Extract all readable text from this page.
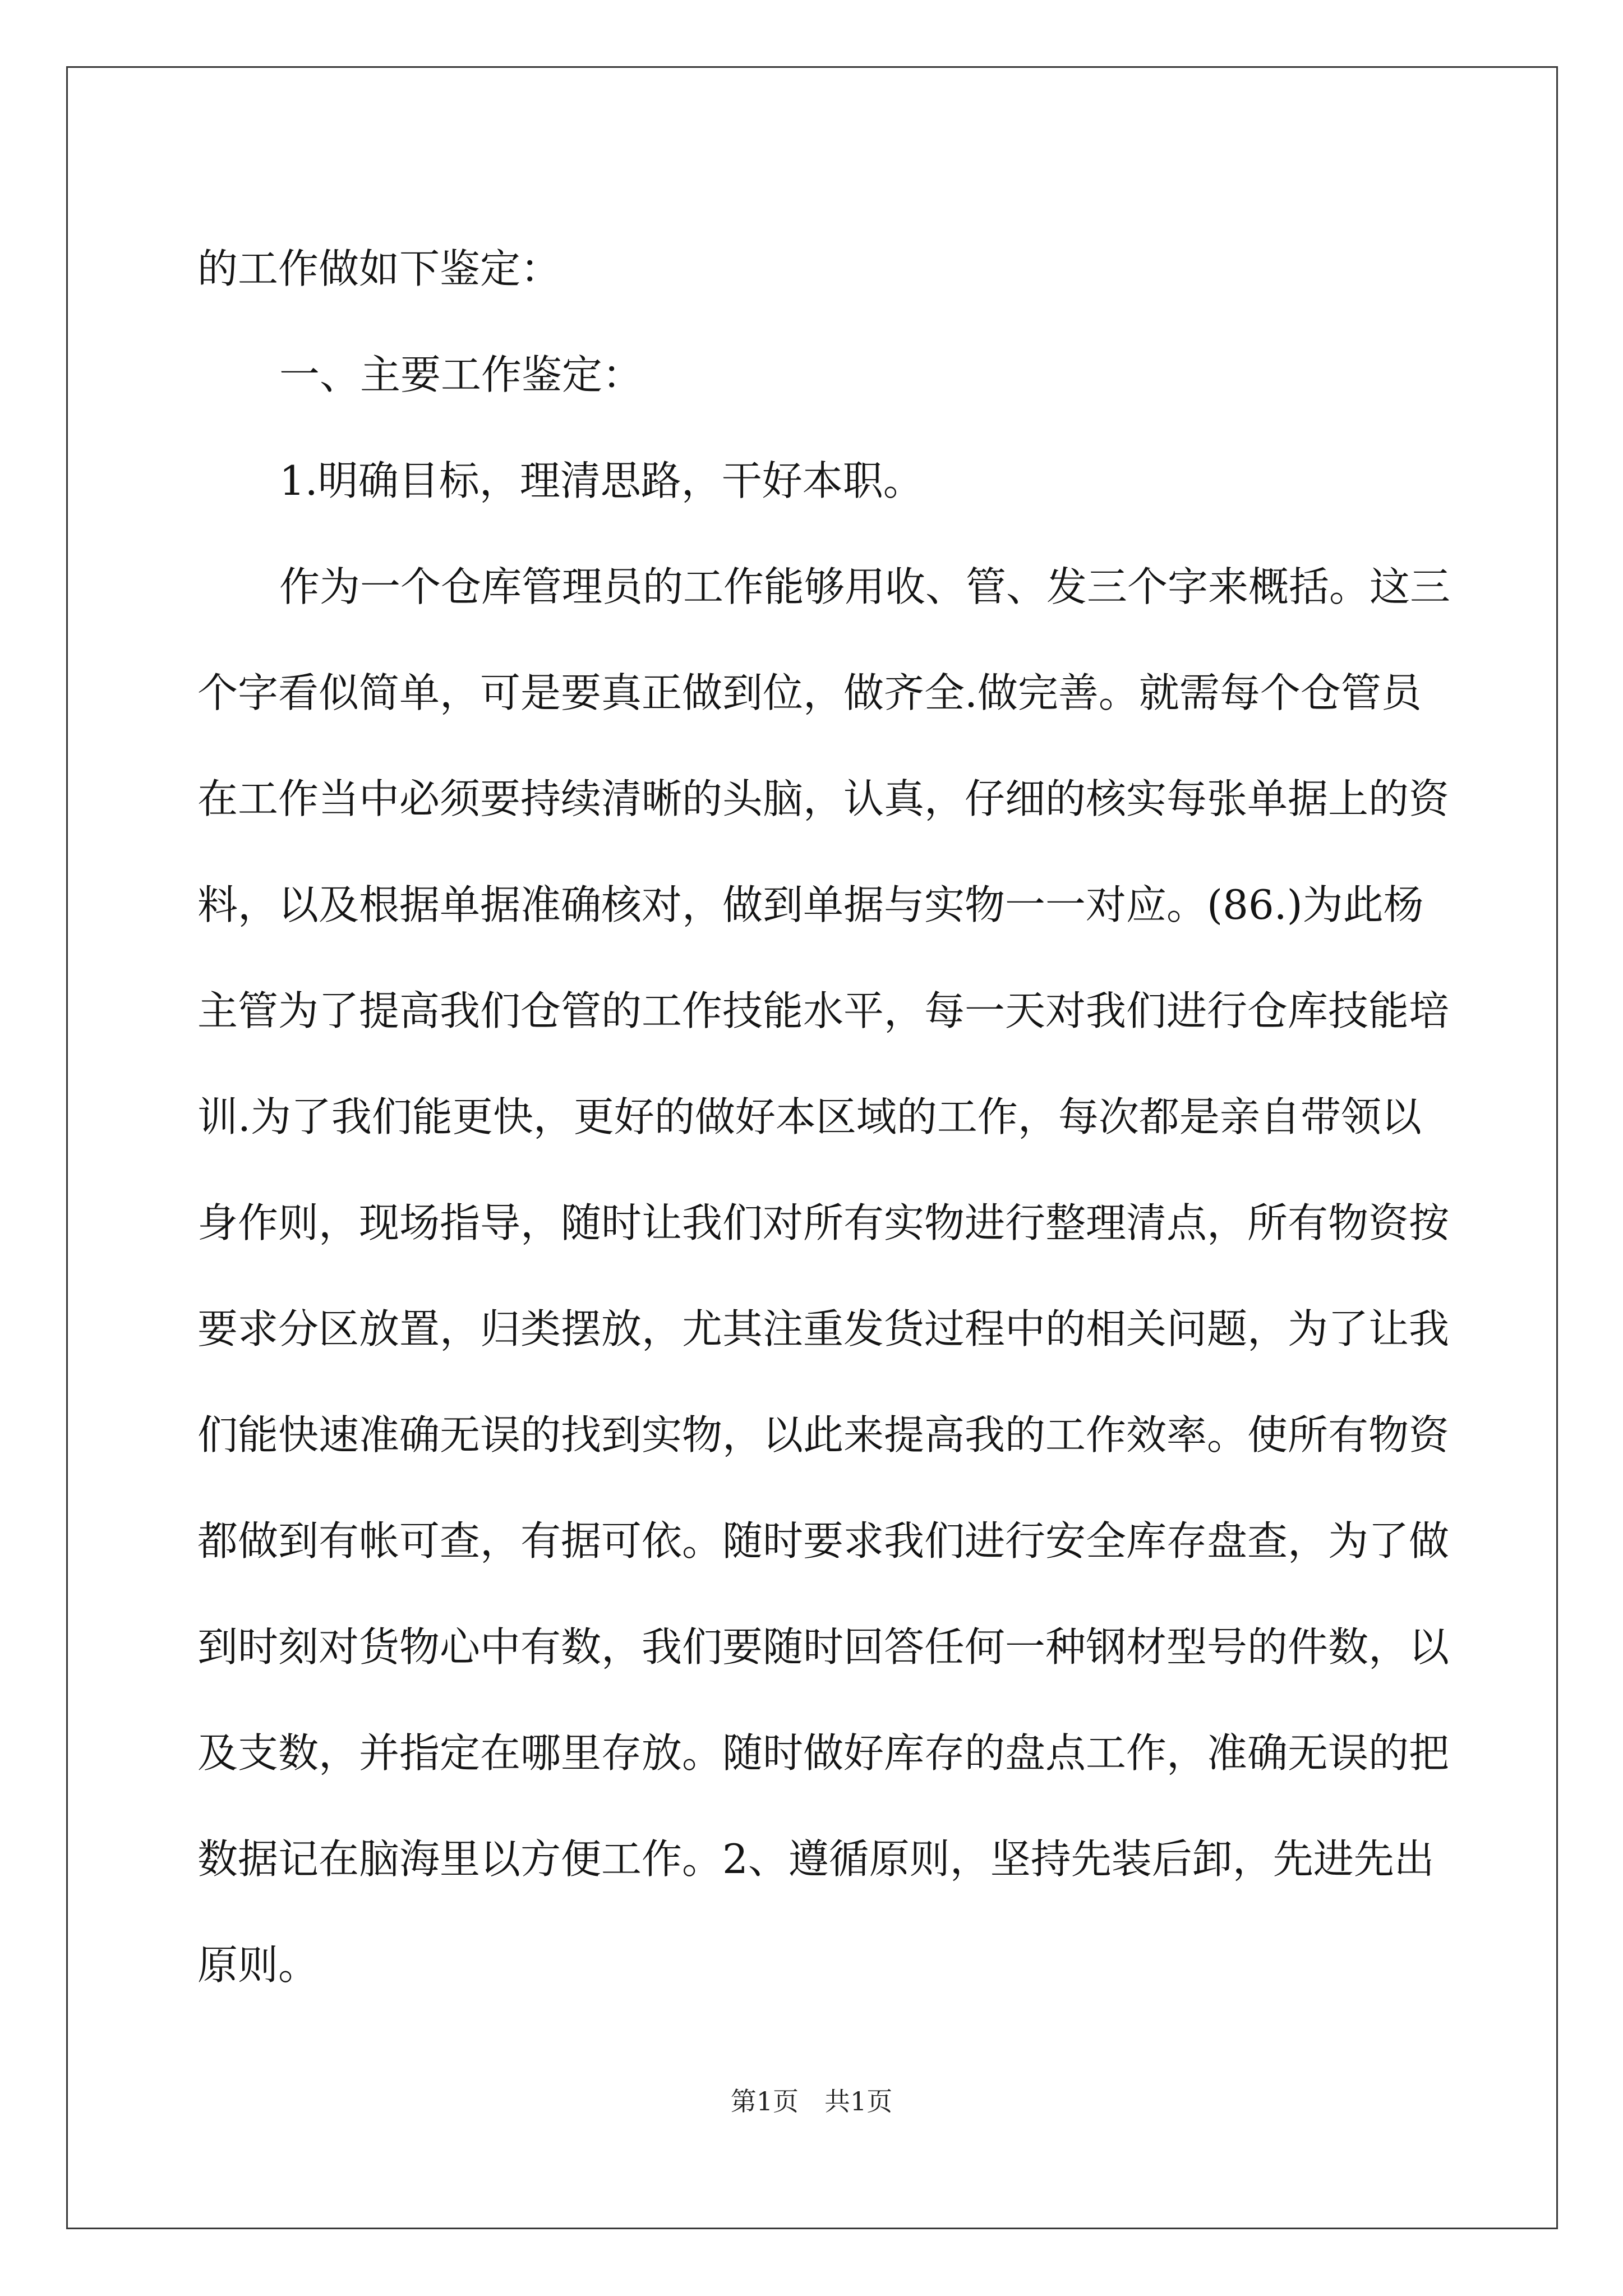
的工作做如下鉴定：

一、主要工作鉴定：

1.明确目标，理清思路，干好本职。

作为一个仓库管理员的工作能够用收、管、发三个字来概括。这三个字看似简单，可是要真正做到位，做齐全.做完善。就需每个仓管员在工作当中必须要持续清晰的头脑，认真，仔细的核实每张单据上的资料，以及根据单据准确核对，做到单据与实物一一对应。(86.)为此杨主管为了提高我们仓管的工作技能水平，每一天对我们进行仓库技能培训.为了我们能更快，更好的做好本区域的工作，每次都是亲自带领以身作则，现场指导，随时让我们对所有实物进行整理清点，所有物资按要求分区放置，归类摆放，尤其注重发货过程中的相关问题，为了让我们能快速准确无误的找到实物，以此来提高我的工作效率。使所有物资都做到有帐可查，有据可依。随时要求我们进行安全库存盘查，为了做到时刻对货物心中有数，我们要随时回答任何一种钢材型号的件数，以及支数，并指定在哪里存放。随时做好库存的盘点工作，准确无误的把数据记在脑海里以方便工作。2、遵循原则，坚持先装后卸，先进先出原则。

第1页　共1页
